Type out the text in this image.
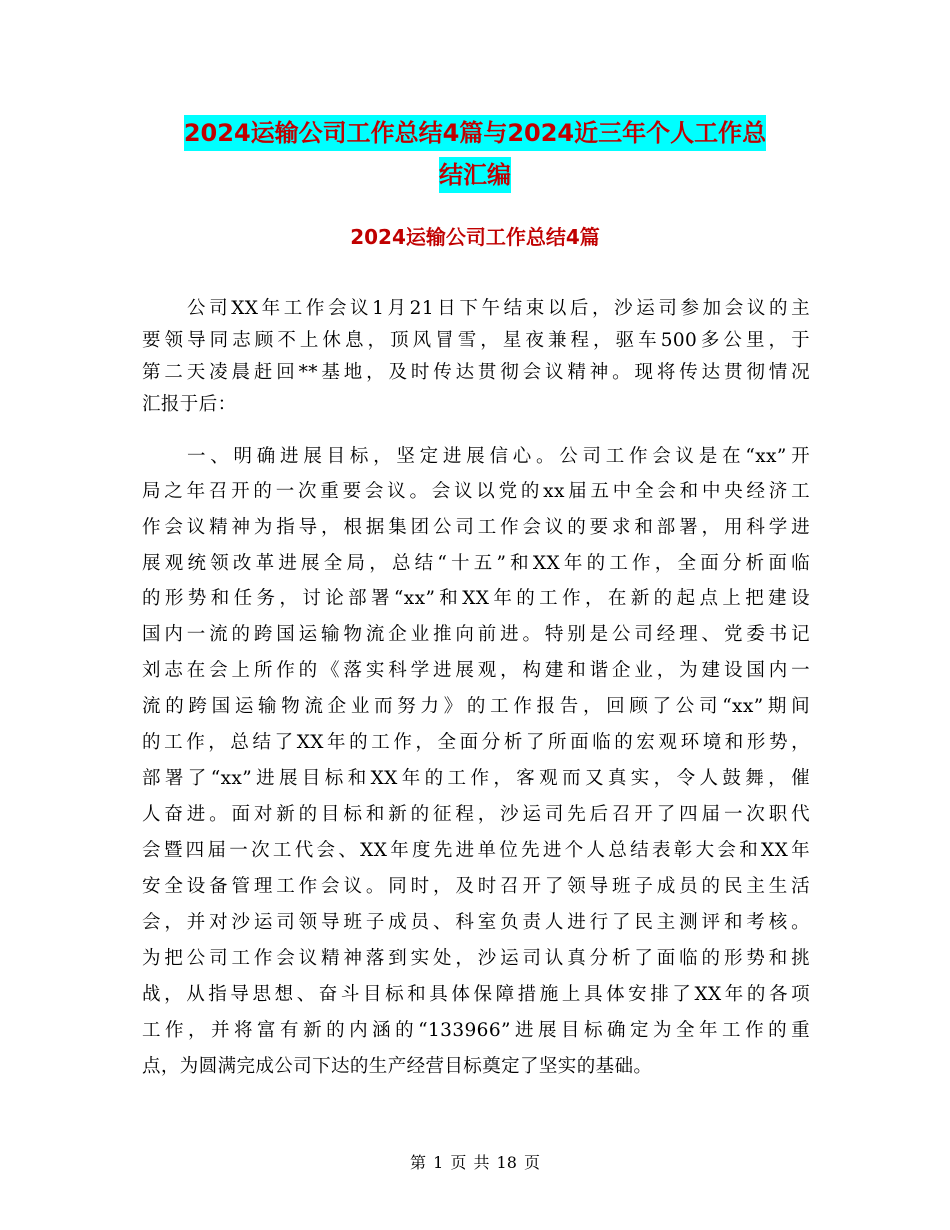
2024运输公司工作总结4篇与2024近三年个人工作总
结汇编
2024运输公司工作总结4篇
公司XX年工作会议1月21日下午结束以后，沙运司参加会议的主
要领导同志顾不上休息，顶风冒雪，星夜兼程，驱车500多公里，于
第二天凌晨赶回**基地，及时传达贯彻会议精神。现将传达贯彻情况
汇报于后：
一、明确进展目标，坚定进展信心。公司工作会议是在“xx”开
局之年召开的一次重要会议。会议以党的xx届五中全会和中央经济工
作会议精神为指导，根据集团公司工作会议的要求和部署，用科学进
展观统领改革进展全局，总结“十五”和XX年的工作，全面分析面临
的形势和任务，讨论部署“xx”和XX年的工作，在新的起点上把建设
国内一流的跨国运输物流企业推向前进。特别是公司经理、党委书记
刘志在会上所作的《落实科学进展观，构建和谐企业，为建设国内一
流的跨国运输物流企业而努力》的工作报告，回顾了公司“xx”期间
的工作，总结了XX年的工作，全面分析了所面临的宏观环境和形势，
部署了“xx”进展目标和XX年的工作，客观而又真实，令人鼓舞，催
人奋进。面对新的目标和新的征程，沙运司先后召开了四届一次职代
会暨四届一次工代会、XX年度先进单位先进个人总结表彰大会和XX年
安全设备管理工作会议。同时，及时召开了领导班子成员的民主生活
会，并对沙运司领导班子成员、科室负责人进行了民主测评和考核。
为把公司工作会议精神落到实处，沙运司认真分析了面临的形势和挑
战，从指导思想、奋斗目标和具体保障措施上具体安排了XX年的各项
工作，并将富有新的内涵的“133966”进展目标确定为全年工作的重
点，为圆满完成公司下达的生产经营目标奠定了坚实的基础。
第 1 页 共 18 页
